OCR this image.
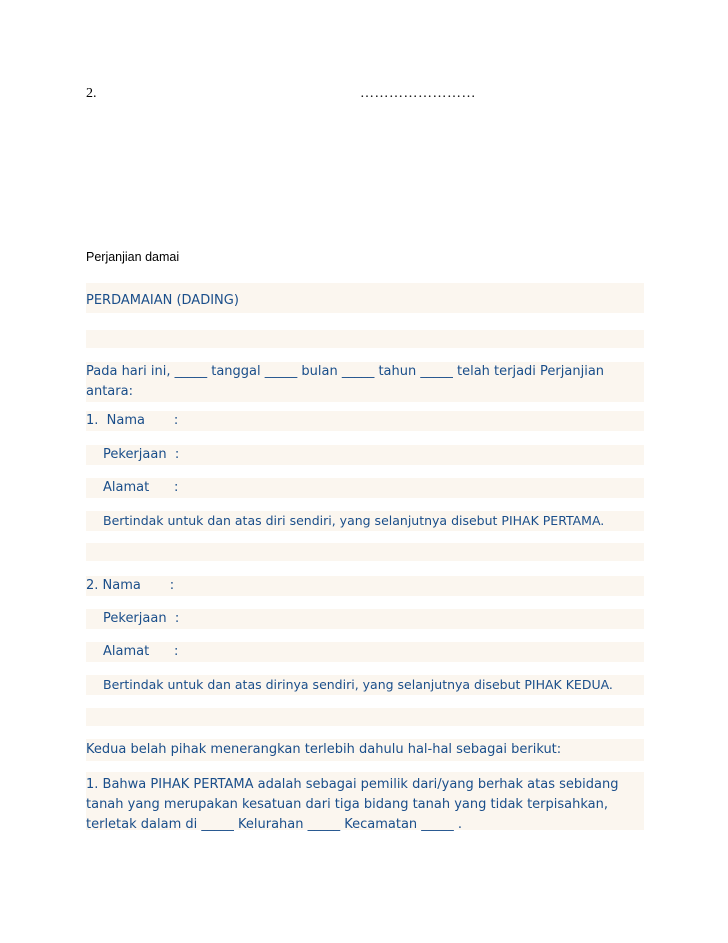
2.	……………………
Perjanjian damai
PERDAMAIAN (DADING)
Pada hari ini, _____ tanggal _____ bulan _____ tahun _____ telah terjadi Perjanjian antara:
1.  Nama       :
Pekerjaan  :
Alamat      :
Bertindak untuk dan atas diri sendiri, yang selanjutnya disebut PIHAK PERTAMA.
2. Nama       :
Pekerjaan  :
Alamat      :
Bertindak untuk dan atas dirinya sendiri, yang selanjutnya disebut PIHAK KEDUA.
Kedua belah pihak menerangkan terlebih dahulu hal-hal sebagai berikut:
1. Bahwa PIHAK PERTAMA adalah sebagai pemilik dari/yang berhak atas sebidang tanah yang merupakan kesatuan dari tiga bidang tanah yang tidak terpisahkan, terletak dalam di _____ Kelurahan _____ Kecamatan _____ .
